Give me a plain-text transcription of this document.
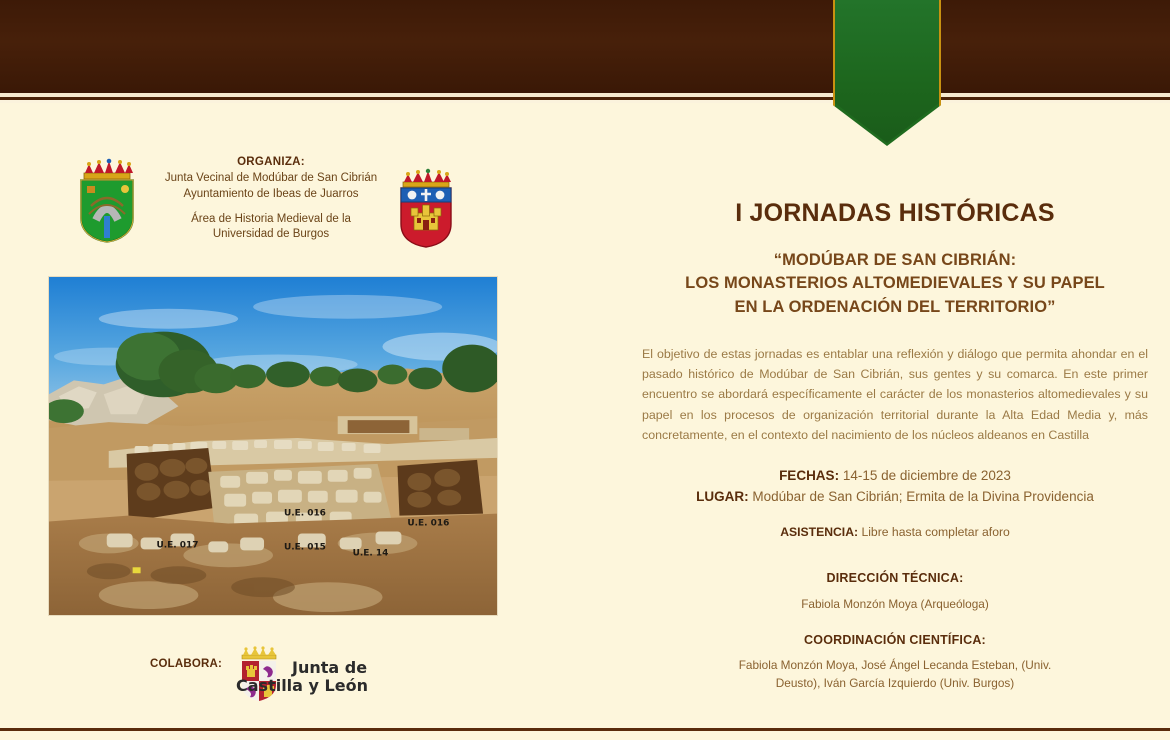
ORGANIZA:
Junta Vecinal de Modúbar de San Cibrián
Ayuntamiento de Ibeas de Juarros
Área de Historia Medieval de la
Universidad de Burgos
U.E. 017
U.E. 016
U.E. 015
U.E. 14
U.E. 016
COLABORA:	Junta de
Castilla y León
I JORNADAS HISTÓRICAS
“MODÚBAR DE SAN CIBRIÁN:
LOS MONASTERIOS ALTOMEDIEVALES Y SU PAPEL
EN LA ORDENACIÓN DEL TERRITORIO”
El objetivo de estas jornadas es entablar una reflexión y diálogo que permita ahondar en el pasado histórico de Modúbar de San Cibrián, sus gentes y su comarca. En este primer encuentro se abordará específicamente el carácter de los monasterios altomedievales y su papel en los procesos de organización territorial durante la Alta Edad Media y, más concretamente, en el contexto del nacimiento de los núcleos aldeanos en Castilla
FECHAS: 14-15 de diciembre de 2023
LUGAR: Modúbar de San Cibrián; Ermita de la Divina Providencia
ASISTENCIA: Libre hasta completar aforo
DIRECCIÓN TÉCNICA:
Fabiola Monzón Moya (Arqueóloga)
COORDINACIÓN CIENTÍFICA:
Fabiola Monzón Moya, José Ángel Lecanda Esteban, (Univ.
Deusto), Iván García Izquierdo (Univ. Burgos)
